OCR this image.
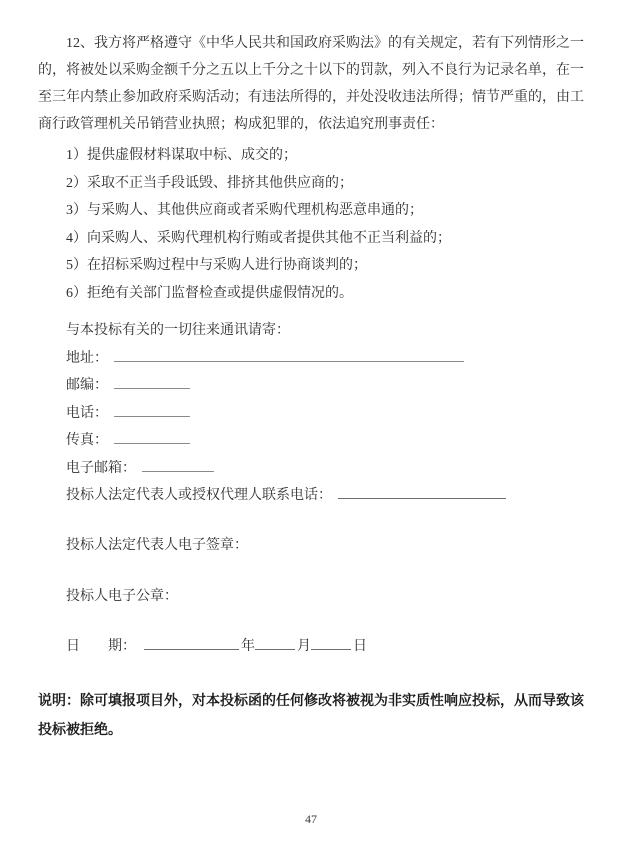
12、我方将严格遵守《中华人民共和国政府采购法》的有关规定，若有下列情形之一的，将被处以采购金额千分之五以上千分之十以下的罚款，列入不良行为记录名单，在一至三年内禁止参加政府采购活动；有违法所得的，并处没收违法所得；情节严重的，由工商行政管理机关吊销营业执照；构成犯罪的，依法追究刑事责任：

1）提供虚假材料谋取中标、成交的；
2）采取不正当手段诋毁、排挤其他供应商的；
3）与采购人、其他供应商或者采购代理机构恶意串通的；
4）向采购人、采购代理机构行贿或者提供其他不正当利益的；
5）在招标采购过程中与采购人进行协商谈判的；
6）拒绝有关部门监督检查或提供虚假情况的。
与本投标有关的一切往来通讯请寄：
地址：
邮编：
电话：
传真：
电子邮箱：
投标人法定代表人或授权代理人联系电话：
投标人法定代表人电子签章：
投标人电子公章：
日　　期：	年	月	日

说明：除可填报项目外，对本投标函的任何修改将被视为非实质性响应投标，从而导致该投标被拒绝。

47
